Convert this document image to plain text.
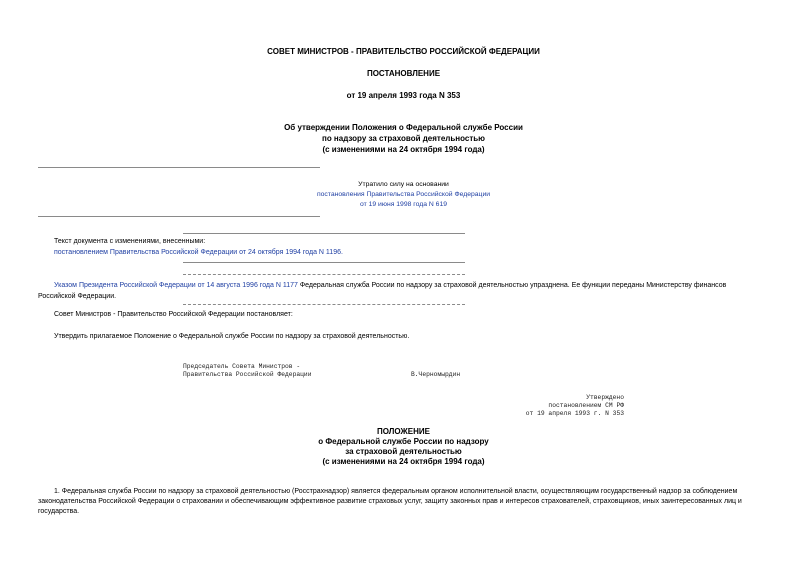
СОВЕТ МИНИСТРОВ - ПРАВИТЕЛЬСТВО РОССИЙСКОЙ ФЕДЕРАЦИИ
ПОСТАНОВЛЕНИЕ
от 19 апреля 1993 года N 353
Об утверждении Положения о Федеральной службе России
по надзору за страховой деятельностью
(с изменениями на 24 октября 1994 года)
Утратило силу на основании
постановления Правительства Российской Федерации
от 19 июня 1998 года N 619
Текст документа с изменениями, внесенными:
постановлением Правительства Российской Федерации от 24 октября 1994 года N 1196.
Указом Президента Российской Федерации от 14 августа 1996 года N 1177 Федеральная служба России по надзору за страховой деятельностью упразднена. Ее функции переданы Министерству финансов
Российской Федерации.
Совет Министров - Правительство Российской Федерации постановляет:
Утвердить прилагаемое Положение о Федеральной службе России по надзору за страховой деятельностью.
Председатель Совета Министров -
Правительства Российской Федерации	В.Черномырдин
Утверждено
постановлением СМ РФ
от 19 апреля 1993 г. N 353
ПОЛОЖЕНИЕ
о Федеральной службе России по надзору
за страховой деятельностью
(с изменениями на 24 октября 1994 года)
1. Федеральная служба России по надзору за страховой деятельностью (Росстрахнадзор) является федеральным органом исполнительной власти, осуществляющим государственный надзор за соблюдением
законодательства Российской Федерации о страховании и обеспечивающим эффективное развитие страховых услуг, защиту законных прав и интересов страхователей, страховщиков, иных заинтересованных лиц и
государства.
